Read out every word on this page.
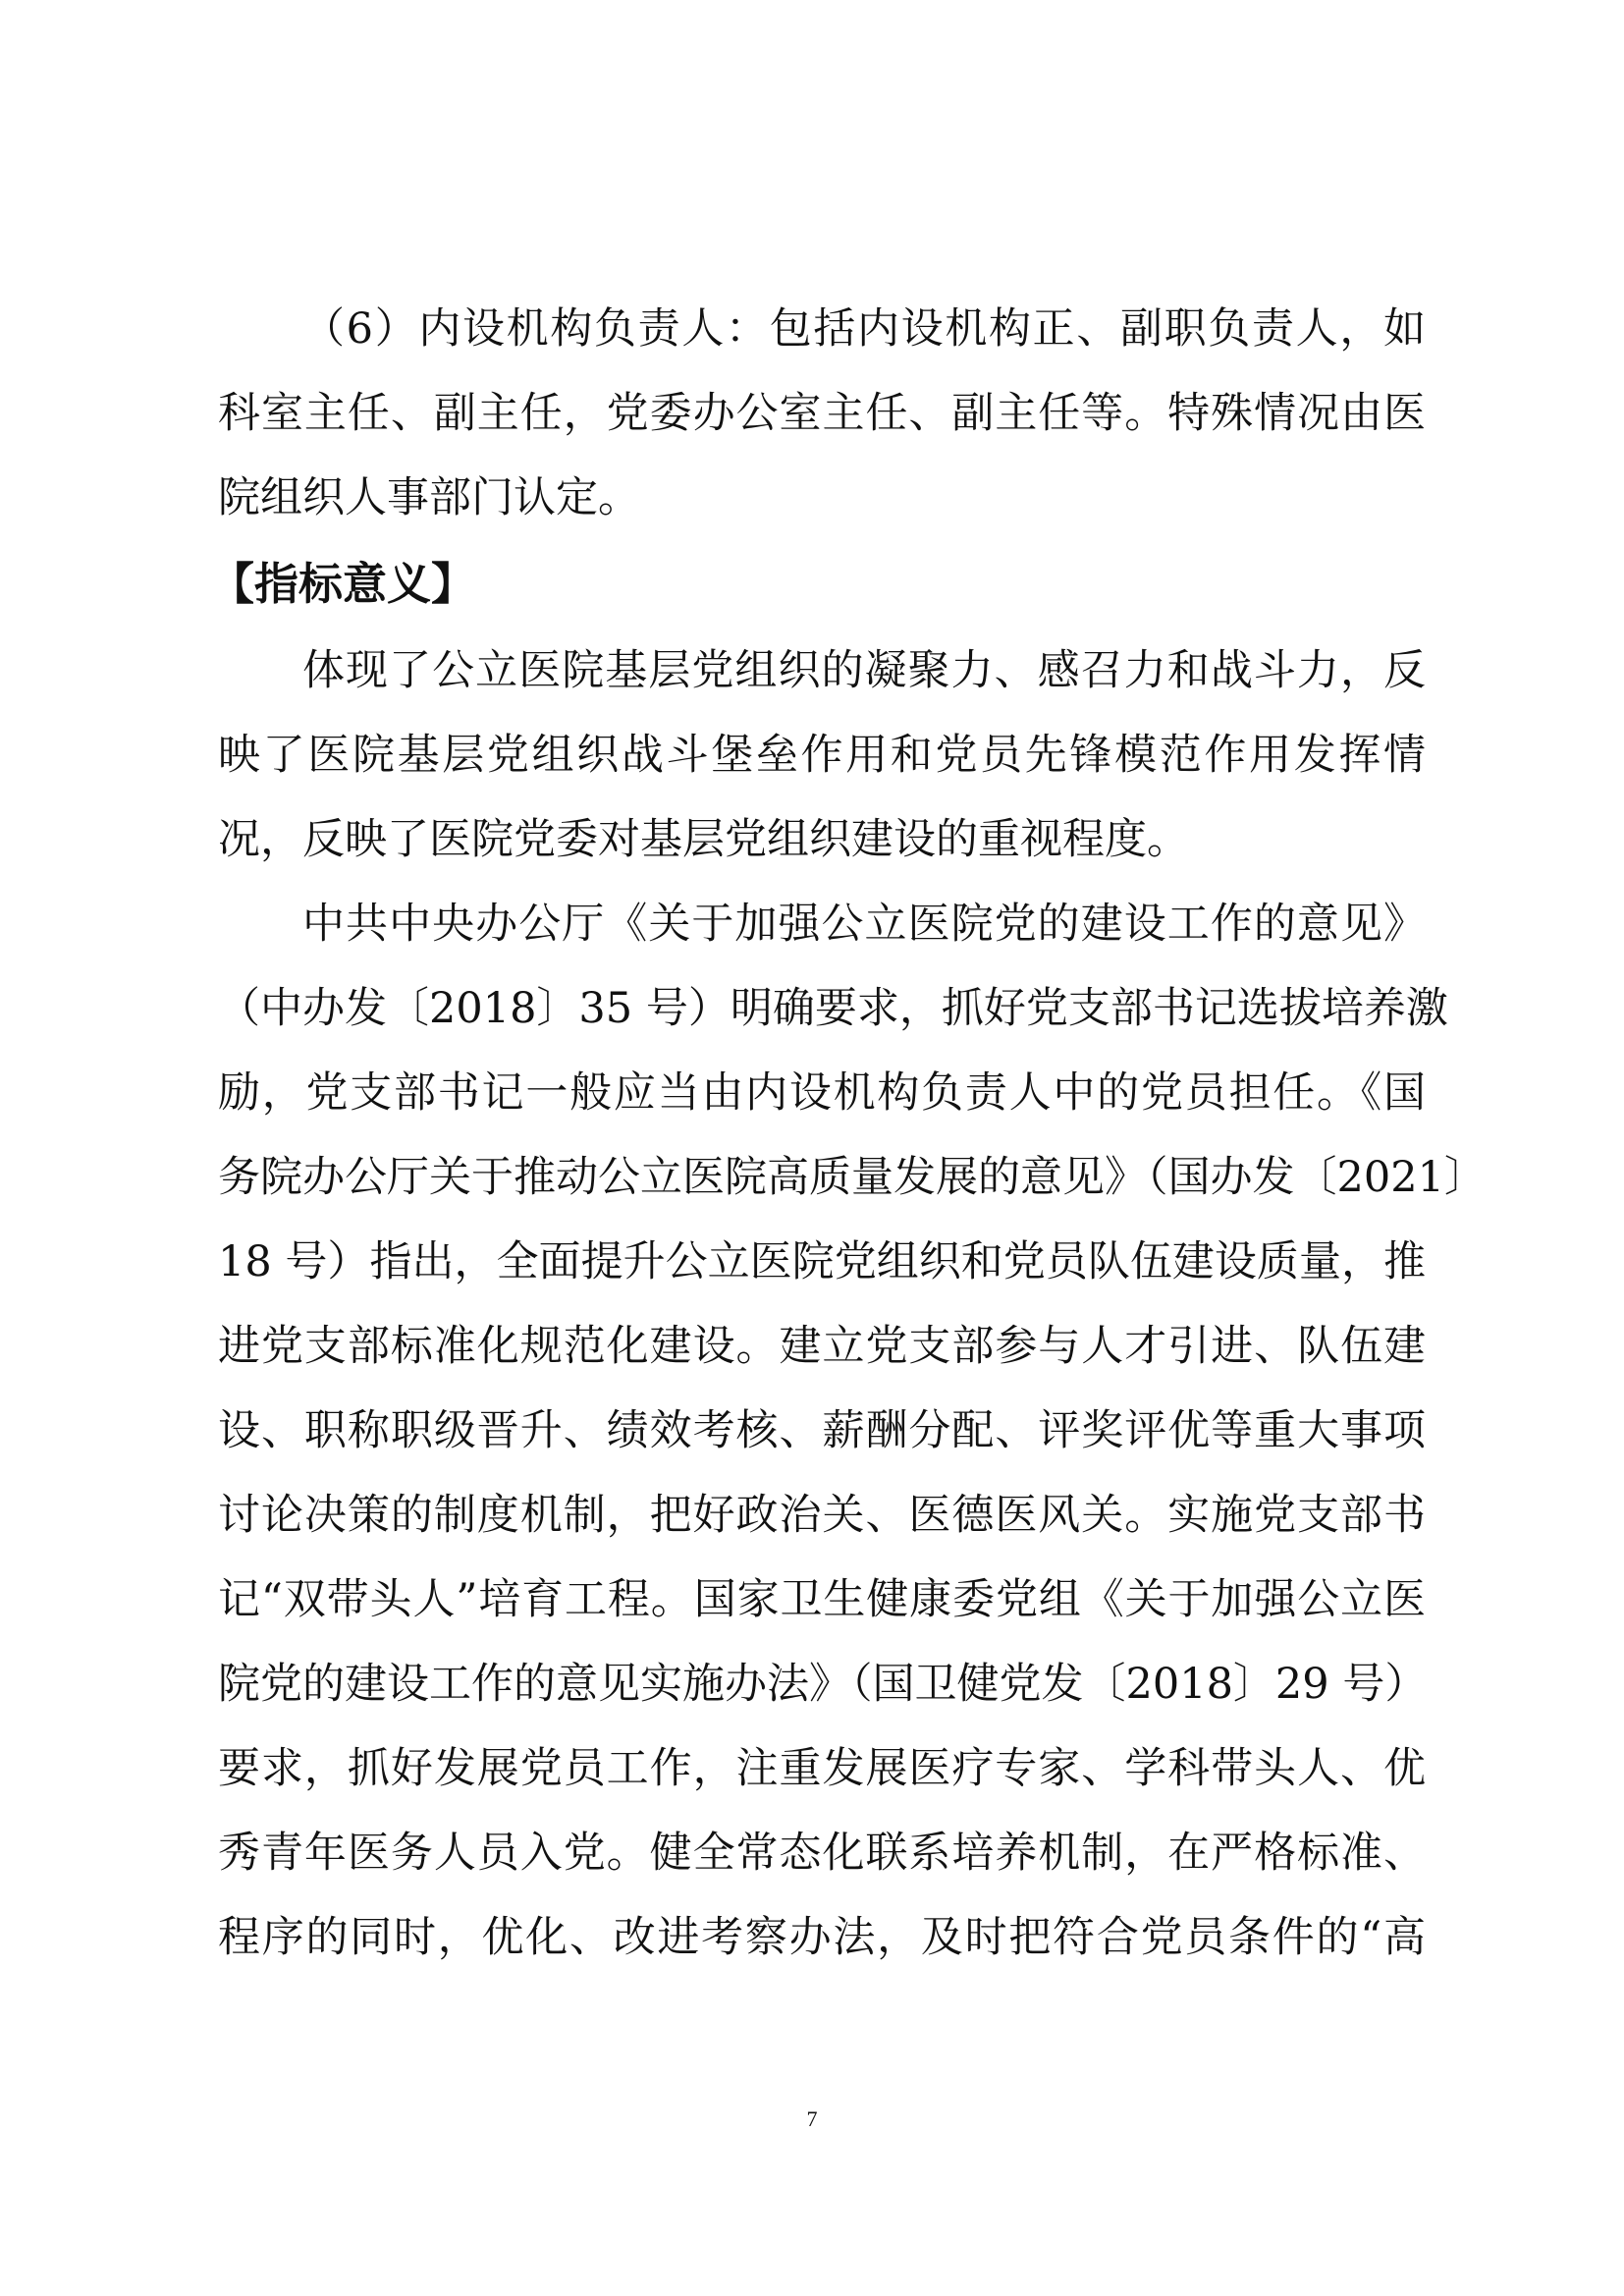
（6）内设机构负责人：包括内设机构正、副职负责人，如
科室主任、副主任，党委办公室主任、副主任等。特殊情况由医
院组织人事部门认定。
【指标意义】
体现了公立医院基层党组织的凝聚力、感召力和战斗力，反
映了医院基层党组织战斗堡垒作用和党员先锋模范作用发挥情
况，反映了医院党委对基层党组织建设的重视程度。
中共中央办公厅《关于加强公立医院党的建设工作的意见》
（中办发〔2018〕35 号）明确要求，抓好党支部书记选拔培养激
励，党支部书记一般应当由内设机构负责人中的党员担任。《国
务院办公厅关于推动公立医院高质量发展的意见》（国办发〔2021〕
18 号）指出，全面提升公立医院党组织和党员队伍建设质量，推
进党支部标准化规范化建设。建立党支部参与人才引进、队伍建
设、职称职级晋升、绩效考核、薪酬分配、评奖评优等重大事项
讨论决策的制度机制，把好政治关、医德医风关。实施党支部书
记“双带头人”培育工程。国家卫生健康委党组《关于加强公立医
院党的建设工作的意见实施办法》（国卫健党发〔2018〕29 号）
要求，抓好发展党员工作，注重发展医疗专家、学科带头人、优
秀青年医务人员入党。健全常态化联系培养机制，在严格标准、
程序的同时，优化、改进考察办法，及时把符合党员条件的“高
7
